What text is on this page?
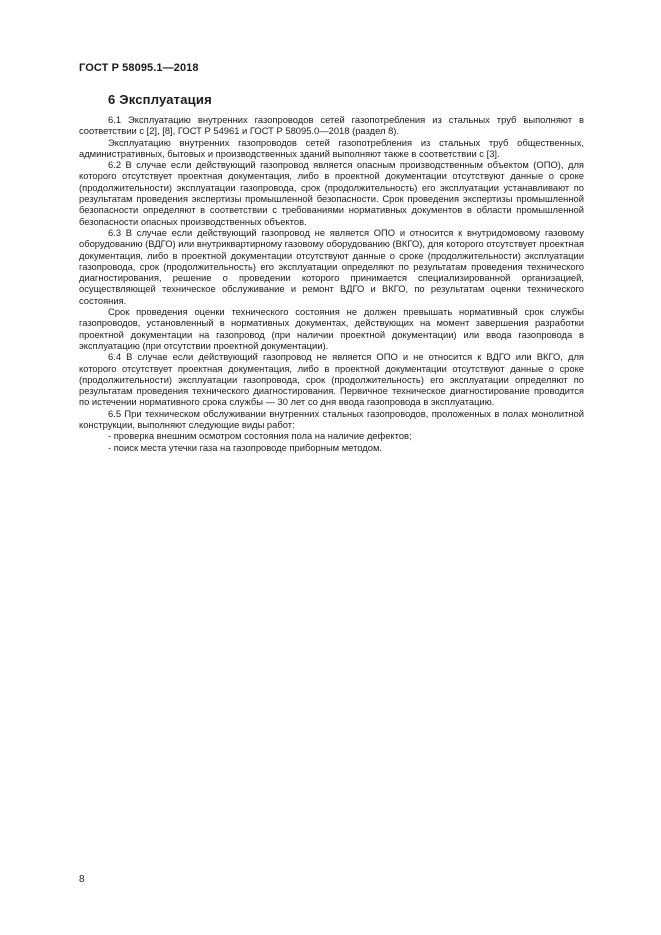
ГОСТ Р 58095.1—2018
6 Эксплуатация

6.1 Эксплуатацию внутренних газопроводов сетей газопотребления из стальных труб выполняют в соответствии с [2], [8], ГОСТ Р 54961 и ГОСТ Р 58095.0—2018 (раздел 8).

Эксплуатацию внутренних газопроводов сетей газопотребления из стальных труб общественных, административных, бытовых и производственных зданий выполняют также в соответствии с [3].

6.2 В случае если действующий газопровод является опасным производственным объектом (ОПО), для которого отсутствует проектная документация, либо в проектной документации отсутствуют данные о сроке (продолжительности) эксплуатации газопровода, срок (продолжительность) его эксплуатации устанавливают по результатам проведения экспертизы промышленной безопасности. Срок проведения экспертизы промышленной безопасности определяют в соответствии с требованиями нормативных документов в области промышленной безопасности опасных производственных объектов.

6.3 В случае если действующий газопровод не является ОПО и относится к внутридомовому газовому оборудованию (ВДГО) или внутриквартирному газовому оборудованию (ВКГО), для которого отсутствует проектная документация, либо в проектной документации отсутствуют данные о сроке (продолжительности) эксплуатации газопровода, срок (продолжительность) его эксплуатации определяют по результатам проведения технического диагностирования, решение о проведении которого принимается специализированной организацией, осуществляющей техническое обслуживание и ремонт ВДГО и ВКГО, по результатам оценки технического состояния.

Срок проведения оценки технического состояния не должен превышать нормативный срок службы газопроводов, установленный в нормативных документах, действующих на момент завершения разработки проектной документации на газопровод (при наличии проектной документации) или ввода газопровода в эксплуатацию (при отсутствии проектной документации).

6.4 В случае если действующий газопровод не является ОПО и не относится к ВДГО или ВКГО, для которого отсутствует проектная документация, либо в проектной документации отсутствуют данные о сроке (продолжительности) эксплуатации газопровода, срок (продолжительность) его эксплуатации определяют по результатам проведения технического диагностирования. Первичное техническое диагностирование проводится по истечении нормативного срока службы — 30 лет со дня ввода газопровода в эксплуатацию.

6.5 При техническом обслуживании внутренних стальных газопроводов, проложенных в полах монолитной конструкции, выполняют следующие виды работ:

- проверка внешним осмотром состояния пола на наличие дефектов;

- поиск места утечки газа на газопроводе приборным методом.

8
